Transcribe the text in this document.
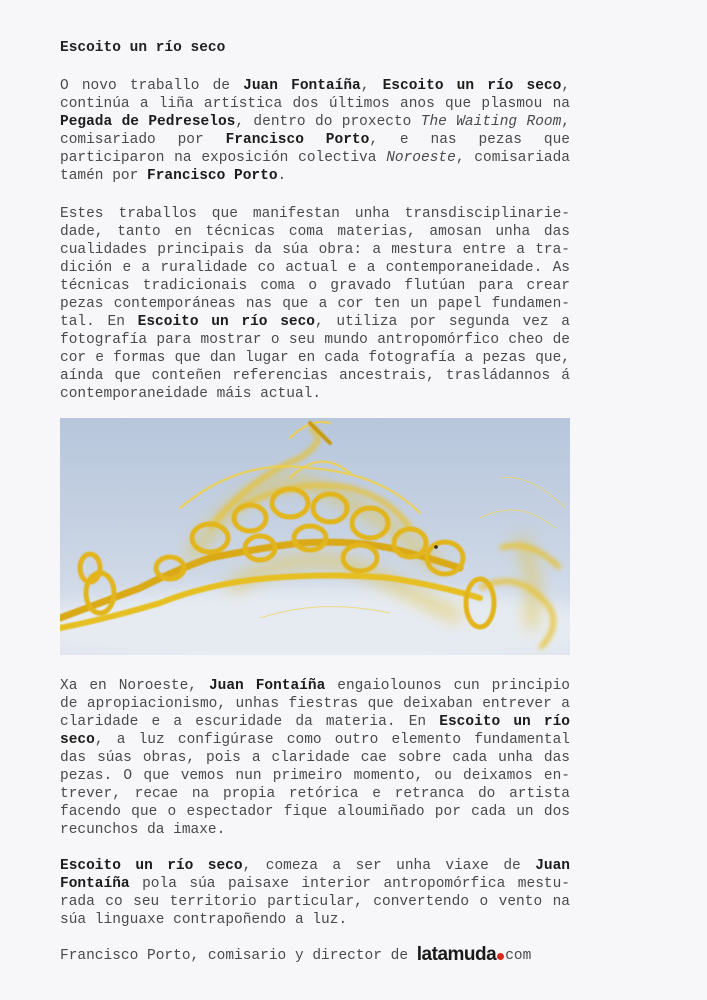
Escoito un río seco
O novo traballo de Juan Fontaíña, Escoito un río seco, continúa a liña artística dos últimos anos que plasmou na Pegada de Pedreselos, dentro do proxecto The Waiting Room, comisariado por Francisco Porto, e nas pezas que participaron na exposición colectiva Noroeste, comisariada tamén por Francisco Porto.
Estes traballos que manifestan unha transdisciplinariedade, tanto en técnicas coma materias, amosan unha das cualidades principais da súa obra: a mestura entre a tradición e a ruralidade co actual e a contemporaneidade. As técnicas tradicionais coma o gravado flutúan para crear pezas contemporáneas nas que a cor ten un papel fundamental. En Escoito un río seco, utiliza por segunda vez a fotografía para mostrar o seu mundo antropomórfico cheo de cor e formas que dan lugar en cada fotografía a pezas que, aínda que conteñen referencias ancestrais, trasládannos á contemporaneidade máis actual.
Xa en Noroeste, Juan Fontaíña engaiolounos cun principio de apropiacionismo, unhas fiestras que deixaban entrever a claridade e a escuridade da materia. En Escoito un río seco, a luz configúrase como outro elemento fundamental das súas obras, pois a claridade cae sobre cada unha das pezas. O que vemos nun primeiro momento, ou deixamos entrever, recae na propia retórica e retranca do artista facendo que o espectador fique aloumiñado por cada un dos recunchos da imaxe.
Escoito un río seco, comeza a ser unha viaxe de Juan Fontaíña pola súa paisaxe interior antropomórfica mesturada co seu territorio particular, convertendo o vento na súa linguaxe contrapoñendo a luz.
Francisco Porto, comisario y director de latamuda com
